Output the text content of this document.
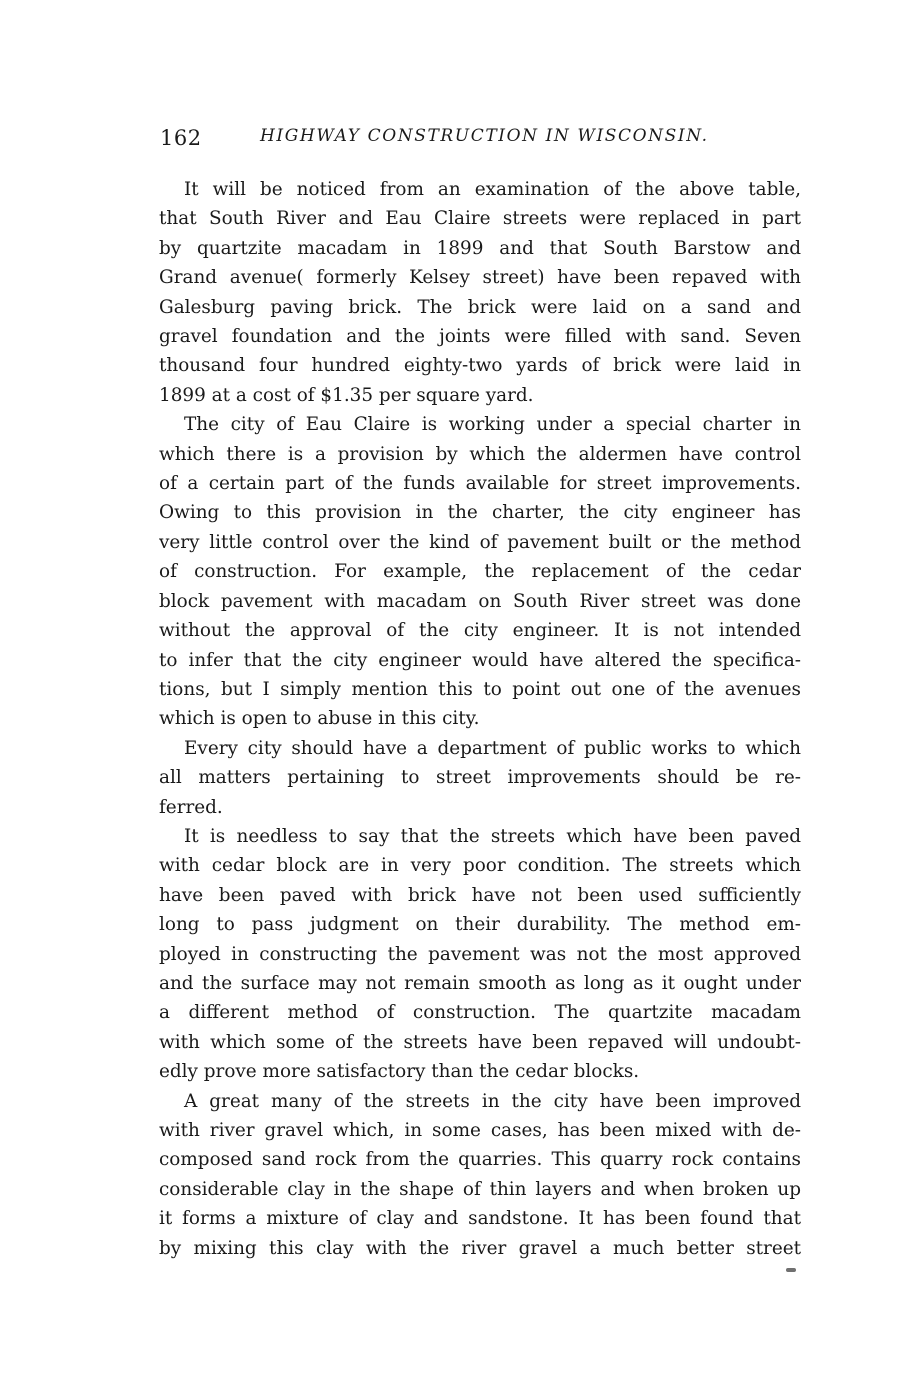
162	HIGHWAY CONSTRUCTION IN WISCONSIN.

It will be noticed from an examination of the above table,
that South River and Eau Claire streets were replaced in part
by quartzite macadam in 1899 and that South Barstow and
Grand avenue( formerly Kelsey street) have been repaved with
Galesburg paving brick. The brick were laid on a sand and
gravel foundation and the joints were filled with sand. Seven
thousand four hundred eighty-two yards of brick were laid in
1899 at a cost of $1.35 per square yard.

The city of Eau Claire is working under a special charter in
which there is a provision by which the aldermen have control
of a certain part of the funds available for street improvements.
Owing to this provision in the charter, the city engineer has
very little control over the kind of pavement built or the method
of construction. For example, the replacement of the cedar
block pavement with macadam on South River street was done
without the approval of the city engineer. It is not intended
to infer that the city engineer would have altered the specifica-
tions, but I simply mention this to point out one of the avenues
which is open to abuse in this city.

Every city should have a department of public works to which
all matters pertaining to street improvements should be re-
ferred.

It is needless to say that the streets which have been paved
with cedar block are in very poor condition. The streets which
have been paved with brick have not been used sufficiently
long to pass judgment on their durability. The method em-
ployed in constructing the pavement was not the most approved
and the surface may not remain smooth as long as it ought under
a different method of construction. The quartzite macadam
with which some of the streets have been repaved will undoubt-
edly prove more satisfactory than the cedar blocks.

A great many of the streets in the city have been improved
with river gravel which, in some cases, has been mixed with de-
composed sand rock from the quarries. This quarry rock contains
considerable clay in the shape of thin layers and when broken up
it forms a mixture of clay and sandstone. It has been found that
by mixing this clay with the river gravel a much better street
